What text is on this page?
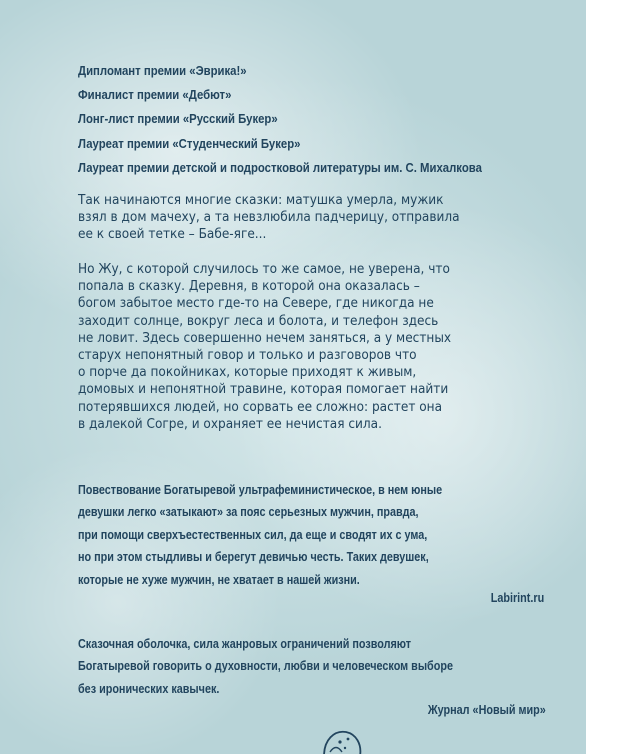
Дипломант премии «Эврика!»
Финалист премии «Дебют»
Лонг-лист премии «Русский Букер»
Лауреат премии «Студенческий Букер»
Лауреат премии детской и подростковой литературы им. С. Михалкова
Так начинаются многие сказки: матушка умерла, мужик
взял в дом мачеху, а та невзлюбила падчерицу, отправила
ее к своей тетке – Бабе-яге...
Но Жу, с которой случилось то же самое, не уверена, что
попала в сказку. Деревня, в которой она оказалась –
богом забытое место где-то на Севере, где никогда не
заходит солнце, вокруг леса и болота, и телефон здесь
не ловит. Здесь совершенно нечем заняться, а у местных
старух непонятный говор и только и разговоров что
о порче да покойниках, которые приходят к живым,
домовых и непонятной травине, которая помогает найти
потерявшихся людей, но сорвать ее сложно: растет она
в далекой Согре, и охраняет ее нечистая сила.
Повествование Богатыревой ультрафеминистическое, в нем юные
девушки легко «затыкают» за пояс серьезных мужчин, правда,
при помощи сверхъестественных сил, да еще и сводят их с ума,
но при этом стыдливы и берегут девичью честь. Таких девушек,
которые не хуже мужчин, не хватает в нашей жизни.
Labirint.ru
Сказочная оболочка, сила жанровых ограничений позволяют
Богатыревой говорить о духовности, любви и человеческом выборе
без иронических кавычек.
Журнал «Новый мир»
